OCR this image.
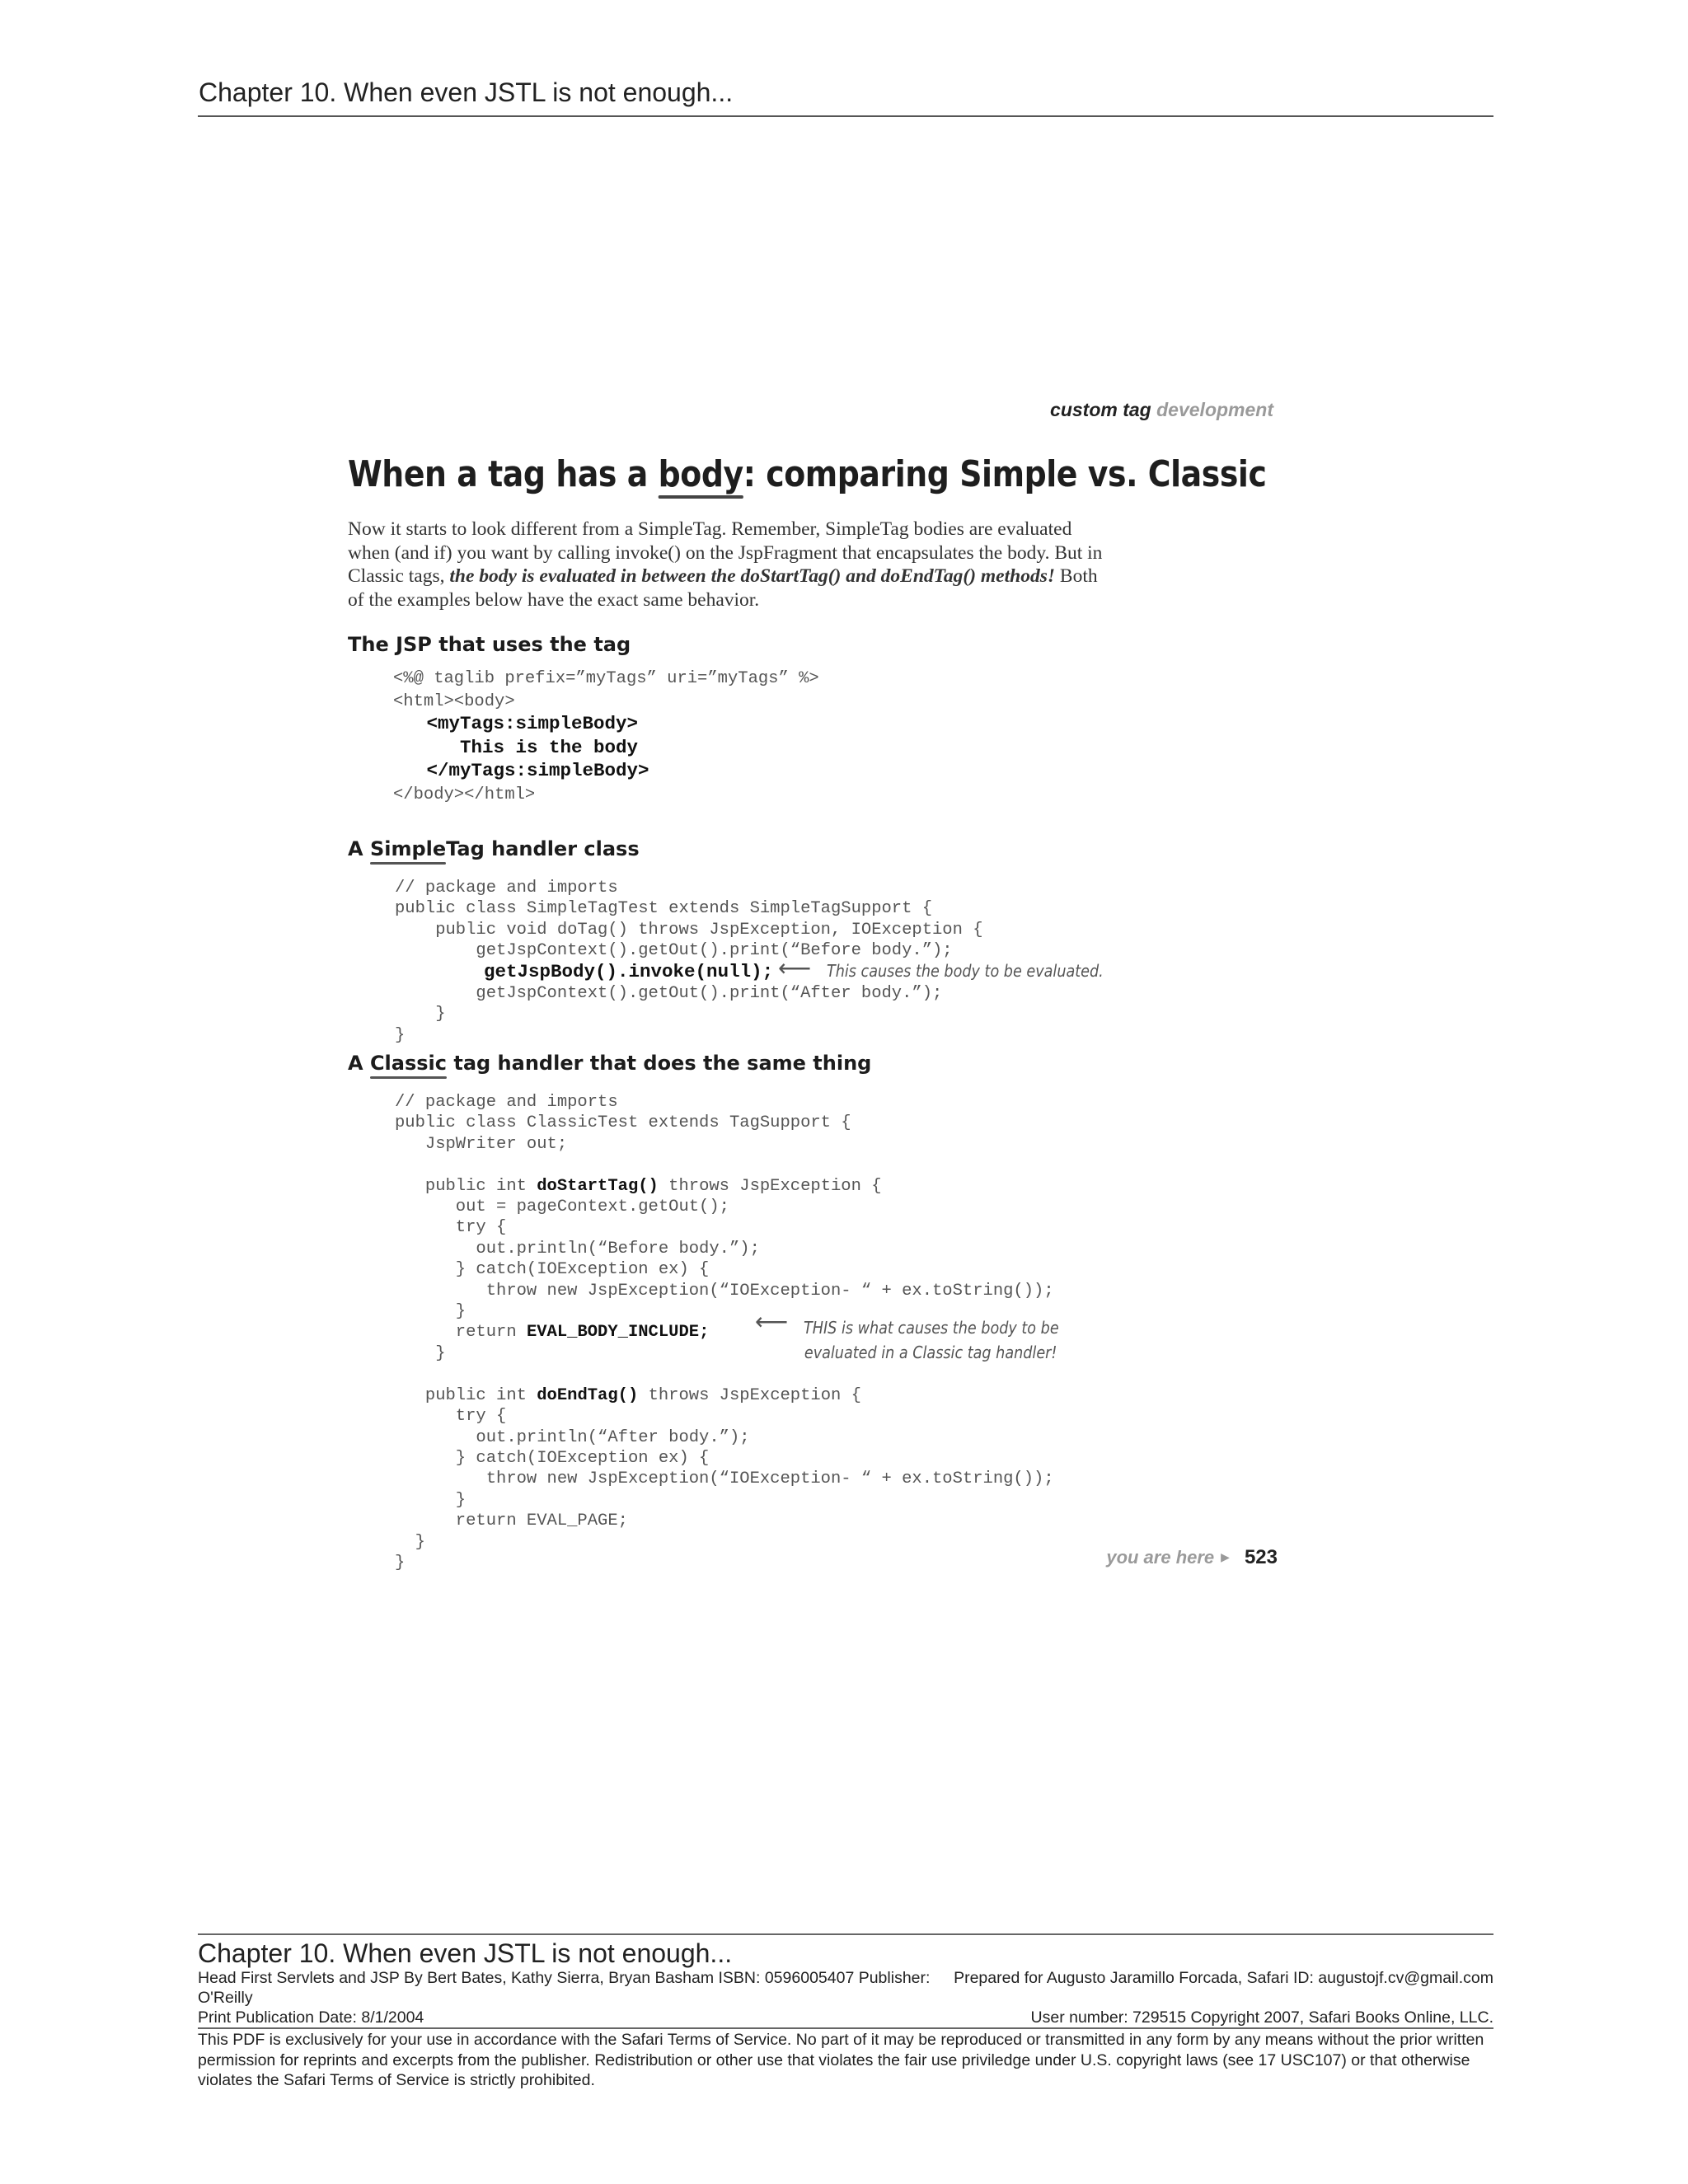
Chapter 10. When even JSTL is not enough...
custom tag development
When a tag has a body: comparing Simple vs. Classic
Now it starts to look different from a SimpleTag. Remember, SimpleTag bodies are evaluated when (and if) you want by calling invoke() on the JspFragment that encapsulates the body. But in Classic tags, the body is evaluated in between the doStartTag() and doEndTag() methods! Both of the examples below have the exact same behavior.
The JSP that uses the tag
<%@ taglib prefix=”myTags” uri=”myTags” %>
<html><body>
<myTags:simpleBody>
This is the body
</myTags:simpleBody>
</body></html>
A SimpleTag handler class
// package and imports
public class SimpleTagTest extends SimpleTagSupport {
public void doTag() throws JspException, IOException {
getJspContext().getOut().print(“Before body.”);
getJspBody().invoke(null);
getJspContext().getOut().print(“After body.”);
}
}
⟵ This causes the body to be evaluated.
A Classic tag handler that does the same thing
// package and imports
public class ClassicTest extends TagSupport {
JspWriter out;

public int doStartTag() throws JspException {
out = pageContext.getOut();
try {
out.println(“Before body.”);
} catch(IOException ex) {
throw new JspException(“IOException- “ + ex.toString());
}
return EVAL_BODY_INCLUDE;
}

public int doEndTag() throws JspException {
try {
out.println(“After body.”);
} catch(IOException ex) {
throw new JspException(“IOException- “ + ex.toString());
}
return EVAL_PAGE;
}
}
⟵ THIS is what causes the body to be
evaluated in a Classic tag handler!
you are here ▶ 523
Chapter 10. When even JSTL is not enough...
Head First Servlets and JSP By Bert Bates, Kathy Sierra, Bryan Basham ISBN: 0596005407 Publisher: Prepared for Augusto Jaramillo Forcada, Safari ID: augustojf.cv@gmail.com
O'Reilly
Print Publication Date: 8/1/2004	User number: 729515 Copyright 2007, Safari Books Online, LLC.
This PDF is exclusively for your use in accordance with the Safari Terms of Service. No part of it may be reproduced or transmitted in any form by any means without the prior written permission for reprints and excerpts from the publisher. Redistribution or other use that violates the fair use priviledge under U.S. copyright laws (see 17 USC107) or that otherwise violates the Safari Terms of Service is strictly prohibited.
